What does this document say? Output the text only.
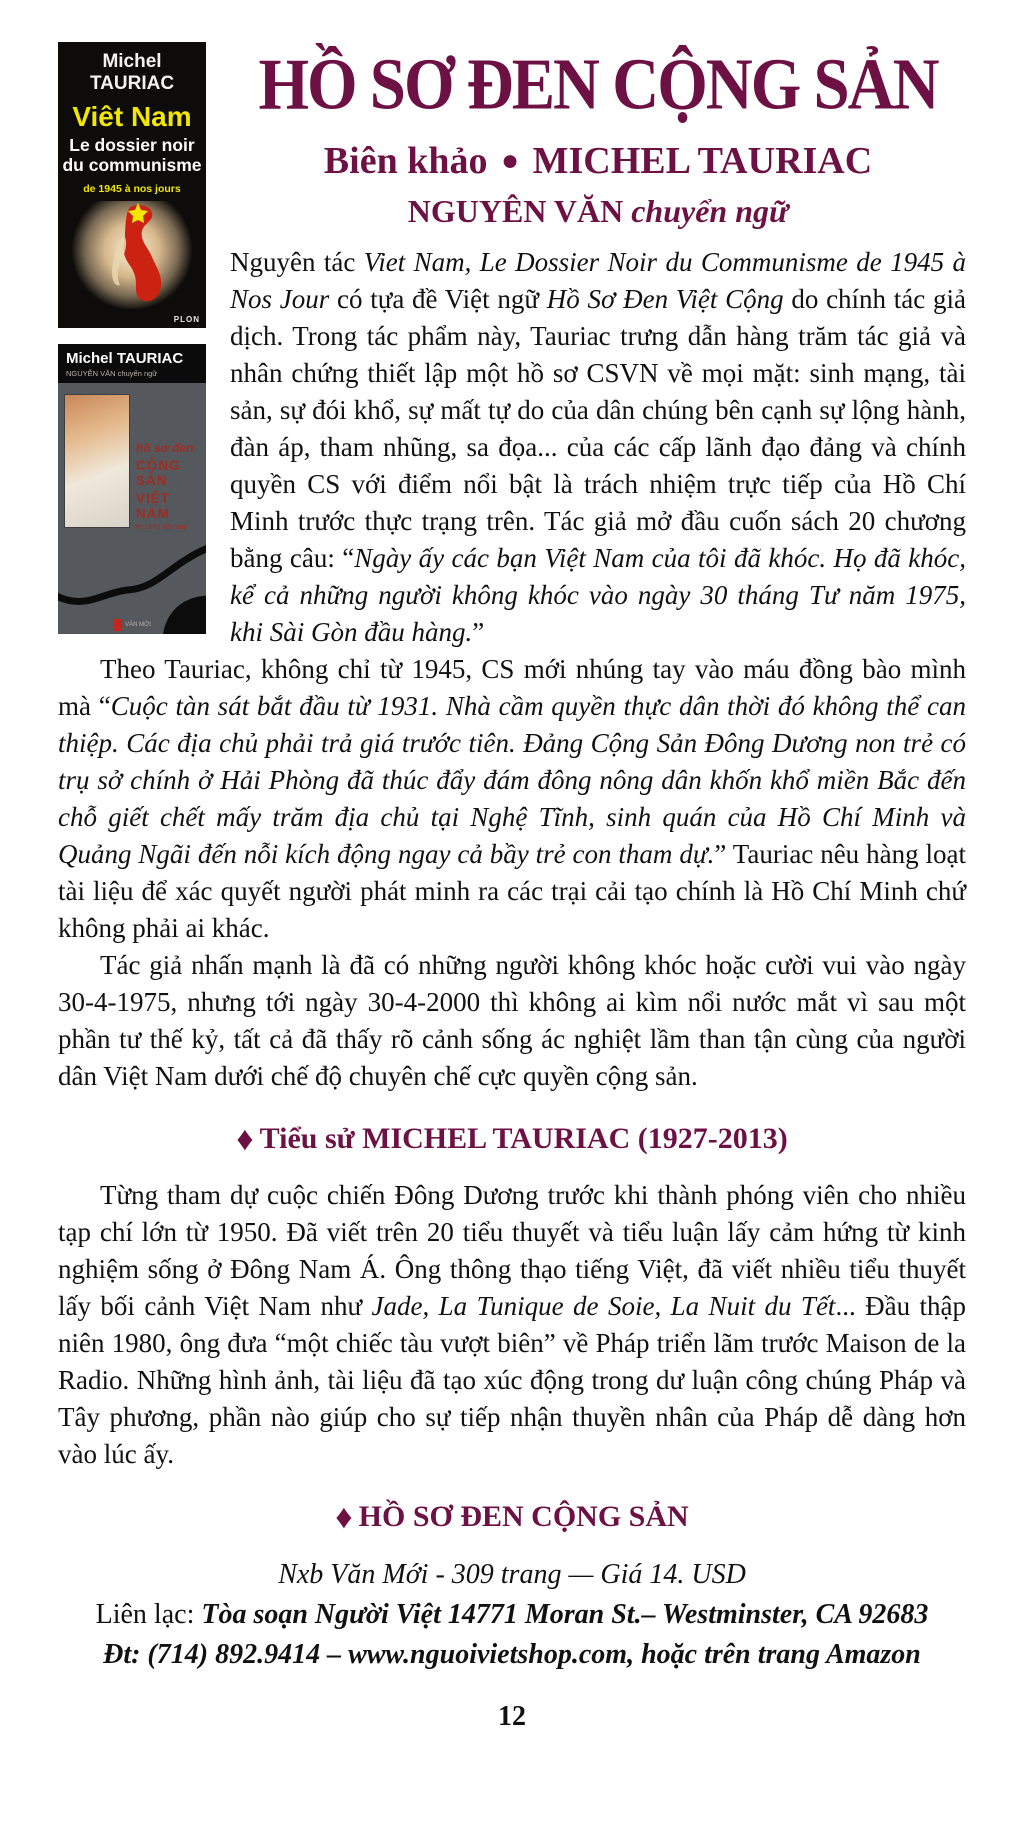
Michel TAURIAC
Viêt Nam
Le dossier noir
du communisme
de 1945 à nos jours
PLON
Michel TAURIAC
NGUYỄN VĂN chuyển ngữ
hồ sơ đen
CỘNG SẢN
VIỆT NAM
từ 1945 đến nay
VĂN MỚI
HỒ SƠ ĐEN CỘNG SẢN
Biên khảo ● MICHEL TAURIAC
NGUYÊN VĂN chuyển ngữ

Nguyên tác Viet Nam, Le Dossier Noir du Communisme de 1945 à Nos Jour có tựa đề Việt ngữ Hồ Sơ Đen Việt Cộng do chính tác giả dịch. Trong tác phẩm này, Tauriac trưng dẫn hàng trăm tác giả và nhân chứng thiết lập một hồ sơ CSVN về mọi mặt: sinh mạng, tài sản, sự đói khổ, sự mất tự do của dân chúng bên cạnh sự lộng hành, đàn áp, tham nhũng, sa đọa... của các cấp lãnh đạo đảng và chính quyền CS với điểm nổi bật là trách nhiệm trực tiếp của Hồ Chí Minh trước thực trạng trên. Tác giả mở đầu cuốn sách 20 chương bằng câu: “Ngày ấy các bạn Việt Nam của tôi đã khóc. Họ đã khóc, kể cả những người không khóc vào ngày 30 tháng Tư năm 1975, khi Sài Gòn đầu hàng.”

Theo Tauriac, không chỉ từ 1945, CS mới nhúng tay vào máu đồng bào mình mà “Cuộc tàn sát bắt đầu từ 1931. Nhà cầm quyền thực dân thời đó không thể can thiệp. Các địa chủ phải trả giá trước tiên. Đảng Cộng Sản Đông Dương non trẻ có trụ sở chính ở Hải Phòng đã thúc đẩy đám đông nông dân khốn khổ miền Bắc đến chỗ giết chết mấy trăm địa chủ tại Nghệ Tĩnh, sinh quán của Hồ Chí Minh và Quảng Ngãi đến nỗi kích động ngay cả bầy trẻ con tham dự.” Tauriac nêu hàng loạt tài liệu để xác quyết người phát minh ra các trại cải tạo chính là Hồ Chí Minh chứ không phải ai khác.

Tác giả nhấn mạnh là đã có những người không khóc hoặc cười vui vào ngày 30-4-1975, nhưng tới ngày 30-4-2000 thì không ai kìm nổi nước mắt vì sau một phần tư thế kỷ, tất cả đã thấy rõ cảnh sống ác nghiệt lầm than tận cùng của người dân Việt Nam dưới chế độ chuyên chế cực quyền cộng sản.

♦ Tiểu sử MICHEL TAURIAC (1927-2013)

Từng tham dự cuộc chiến Đông Dương trước khi thành phóng viên cho nhiều tạp chí lớn từ 1950. Đã viết trên 20 tiểu thuyết và tiểu luận lấy cảm hứng từ kinh nghiệm sống ở Đông Nam Á. Ông thông thạo tiếng Việt, đã viết nhiều tiểu thuyết lấy bối cảnh Việt Nam như Jade, La Tunique de Soie, La Nuit du Tết... Đầu thập niên 1980, ông đưa “một chiếc tàu vượt biên” về Pháp triển lãm trước Maison de la Radio. Những hình ảnh, tài liệu đã tạo xúc động trong dư luận công chúng Pháp và Tây phương, phần nào giúp cho sự tiếp nhận thuyền nhân của Pháp dễ dàng hơn vào lúc ấy.

♦ HỒ SƠ ĐEN CỘNG SẢN
Nxb Văn Mới - 309 trang — Giá 14. USD
Liên lạc: Tòa soạn Người Việt 14771 Moran St.– Westminster, CA 92683
Đt: (714) 892.9414 – www.nguoivietshop.com, hoặc trên trang Amazon
12
